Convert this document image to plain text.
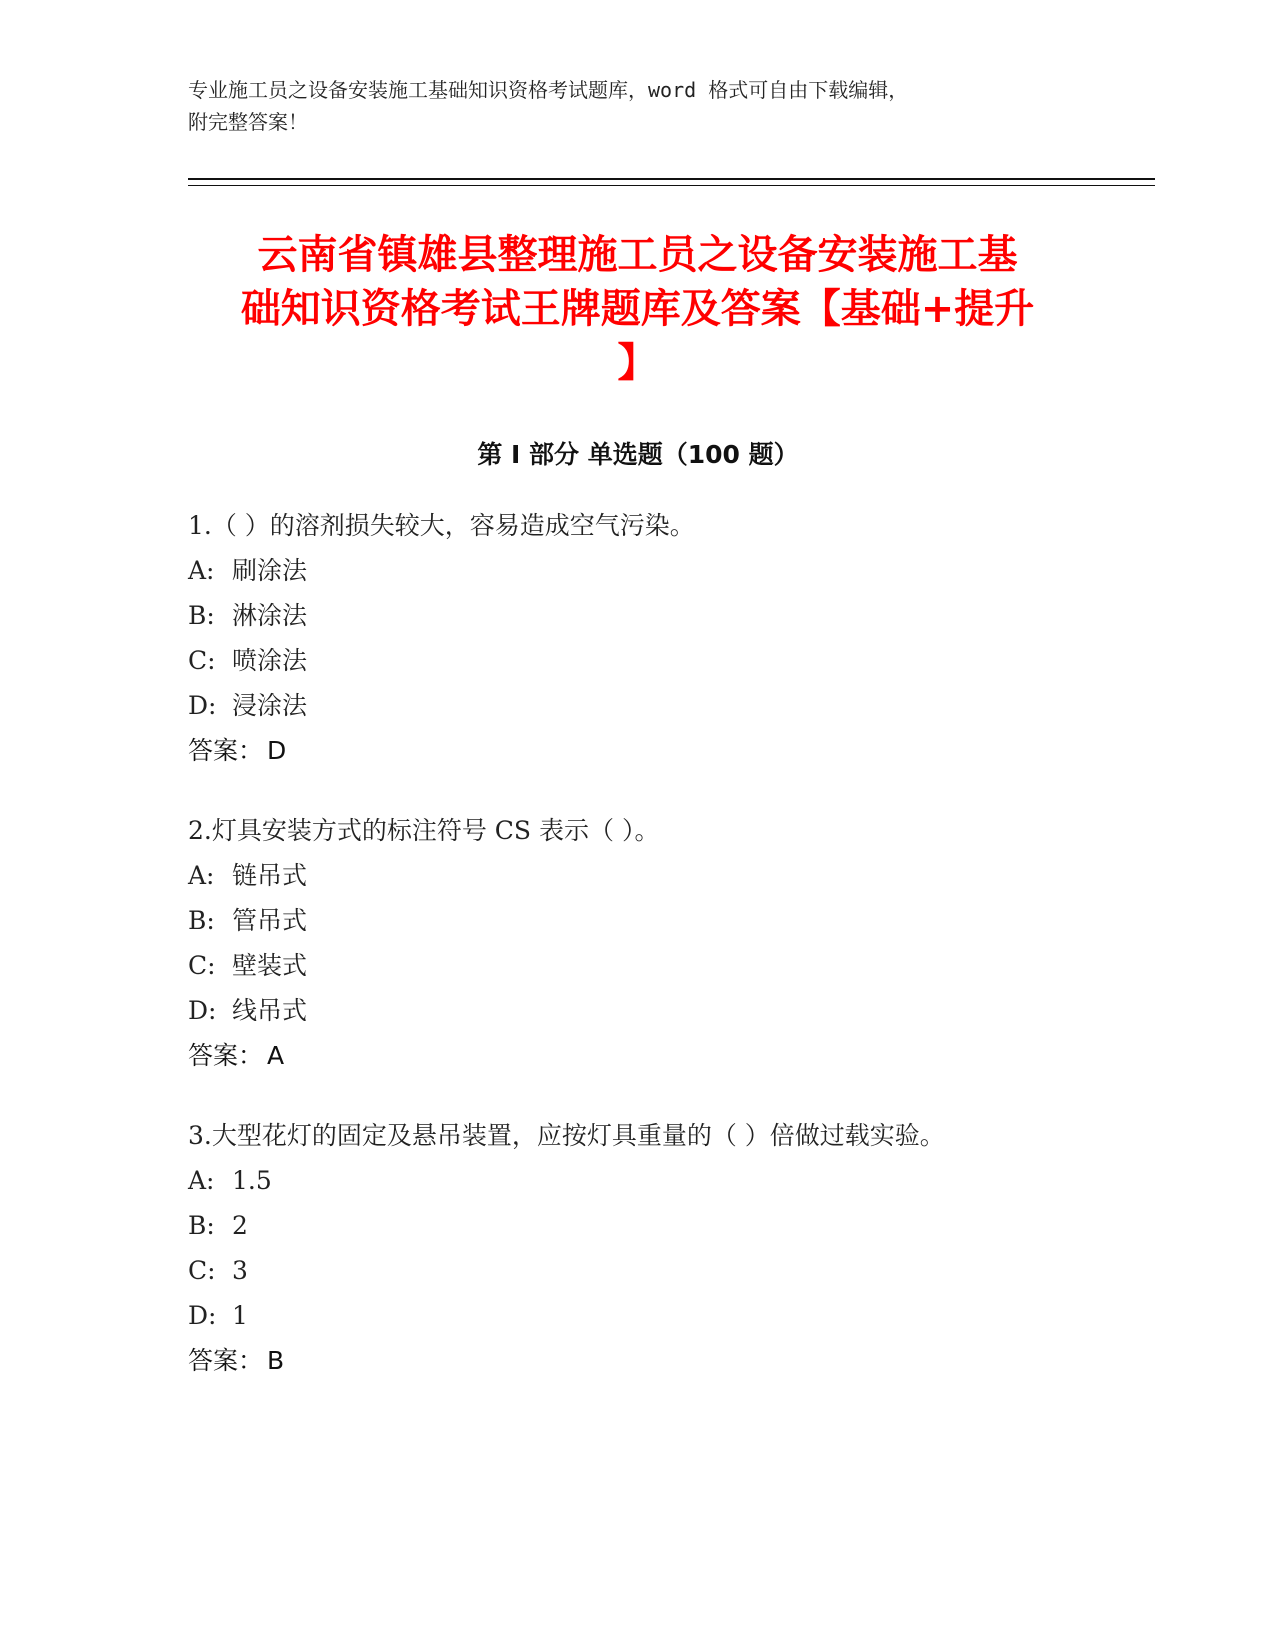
专业施工员之设备安装施工基础知识资格考试题库，word 格式可自由下载编辑，
附完整答案！
云南省镇雄县整理施工员之设备安装施工基
础知识资格考试王牌题库及答案【基础+提升
】
第 I 部分 单选题（100 题）
1.（ ）的溶剂损失较大，容易造成空气污染。
A: 刷涂法
B: 淋涂法
C: 喷涂法
D: 浸涂法
答案： D
2.灯具安装方式的标注符号 CS 表示（ ）。
A: 链吊式
B: 管吊式
C: 壁装式
D: 线吊式
答案： A
3.大型花灯的固定及悬吊装置，应按灯具重量的（ ）倍做过载实验。
A: 1.5
B: 2
C: 3
D: 1
答案： B
